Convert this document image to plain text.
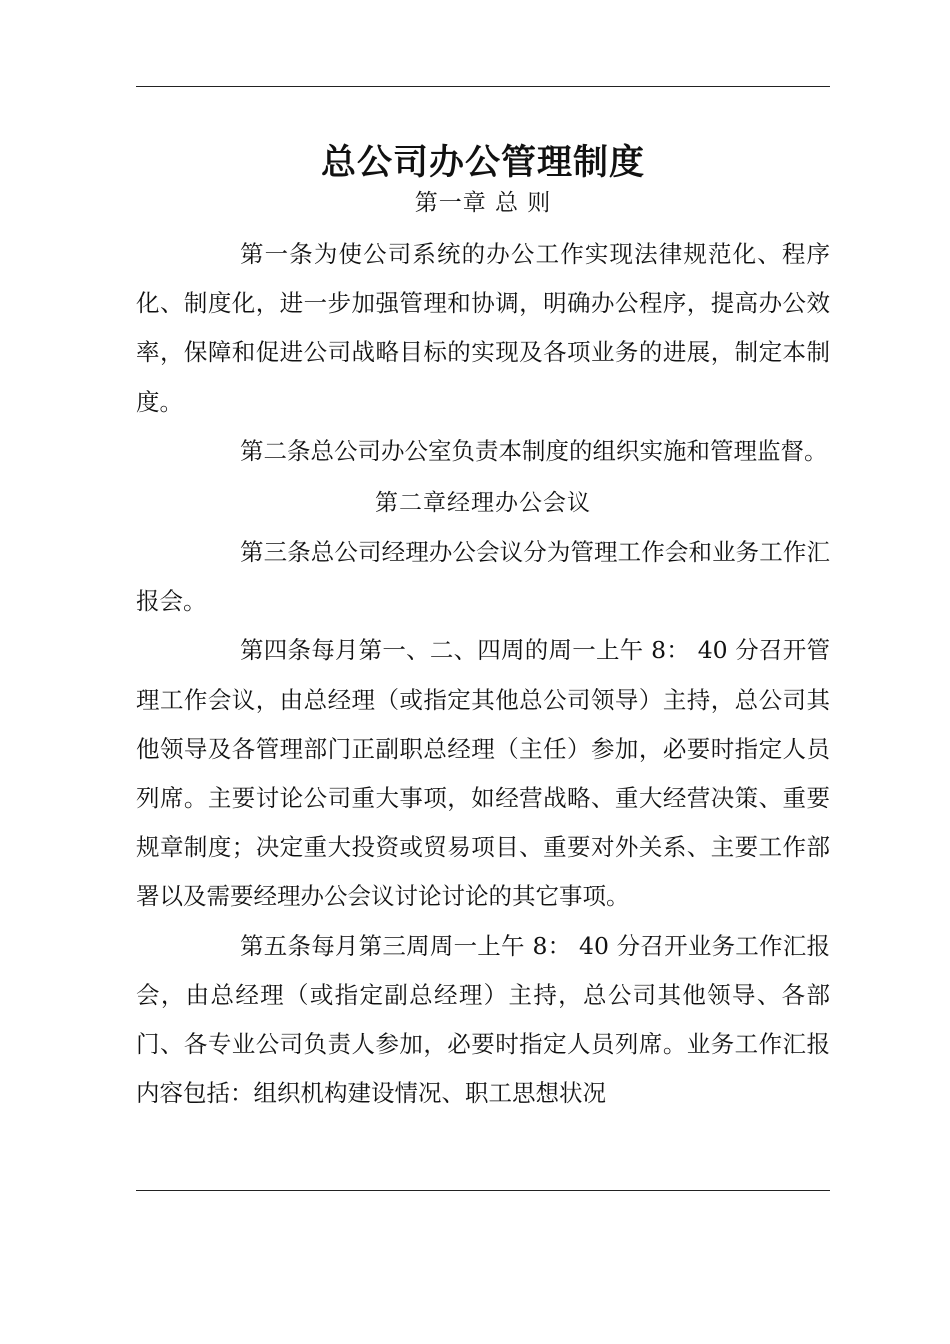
总公司办公管理制度
第一章 总 则

第一条为使公司系统的办公工作实现法律规范化、程序化、制度化，进一步加强管理和协调，明确办公程序，提高办公效率，保障和促进公司战略目标的实现及各项业务的进展，制定本制度。

第二条总公司办公室负责本制度的组织实施和管理监督。

第二章经理办公会议

第三条总公司经理办公会议分为管理工作会和业务工作汇报会。

第四条每月第一、二、四周的周一上午 8： 40 分召开管理工作会议，由总经理（或指定其他总公司领导）主持，总公司其他领导及各管理部门正副职总经理（主任）参加，必要时指定人员列席。主要讨论公司重大事项，如经营战略、重大经营决策、重要规章制度；决定重大投资或贸易项目、重要对外关系、主要工作部署以及需要经理办公会议讨论讨论的其它事项。

第五条每月第三周周一上午 8： 40 分召开业务工作汇报会，由总经理（或指定副总经理）主持，总公司其他领导、各部门、各专业公司负责人参加，必要时指定人员列席。业务工作汇报内容包括：组织机构建设情况、职工思想状况
